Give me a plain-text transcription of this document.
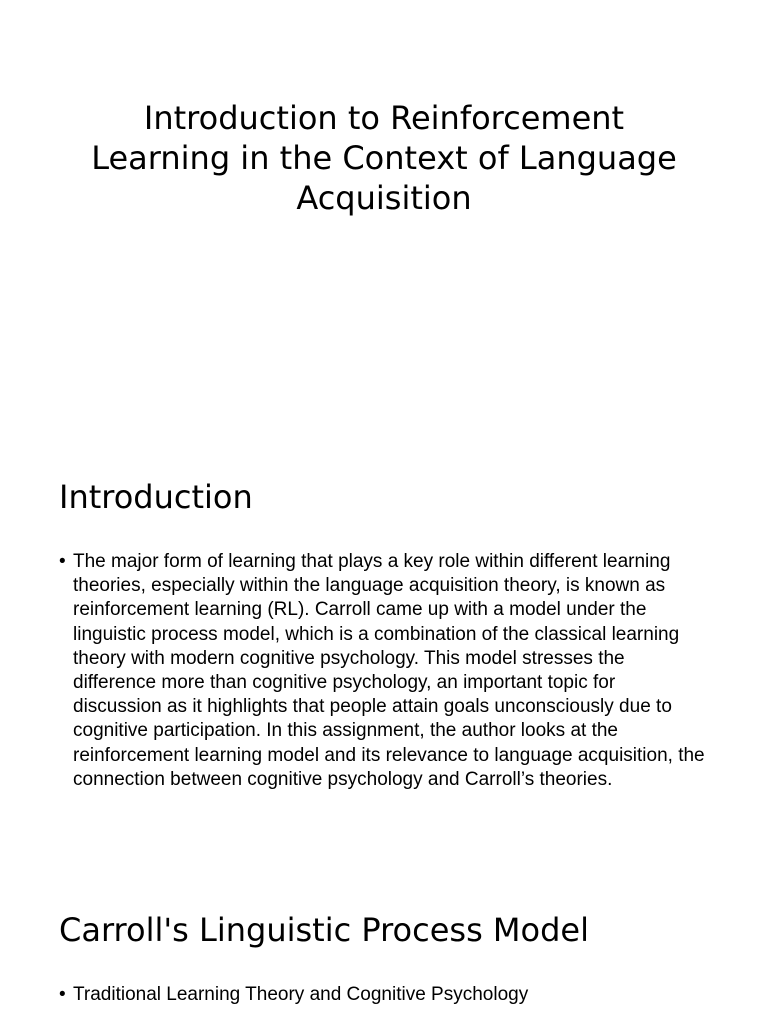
Introduction to Reinforcement Learning in the Context of Language Acquisition
Introduction
• The major form of learning that plays a key role within different learning theories, especially within the language acquisition theory, is known as reinforcement learning (RL). Carroll came up with a model under the linguistic process model, which is a combination of the classical learning theory with modern cognitive psychology. This model stresses the difference more than cognitive psychology, an important topic for discussion as it highlights that people attain goals unconsciously due to cognitive participation. In this assignment, the author looks at the reinforcement learning model and its relevance to language acquisition, the connection between cognitive psychology and Carroll’s theories.
Carroll's Linguistic Process Model
• Traditional Learning Theory and Cognitive Psychology
